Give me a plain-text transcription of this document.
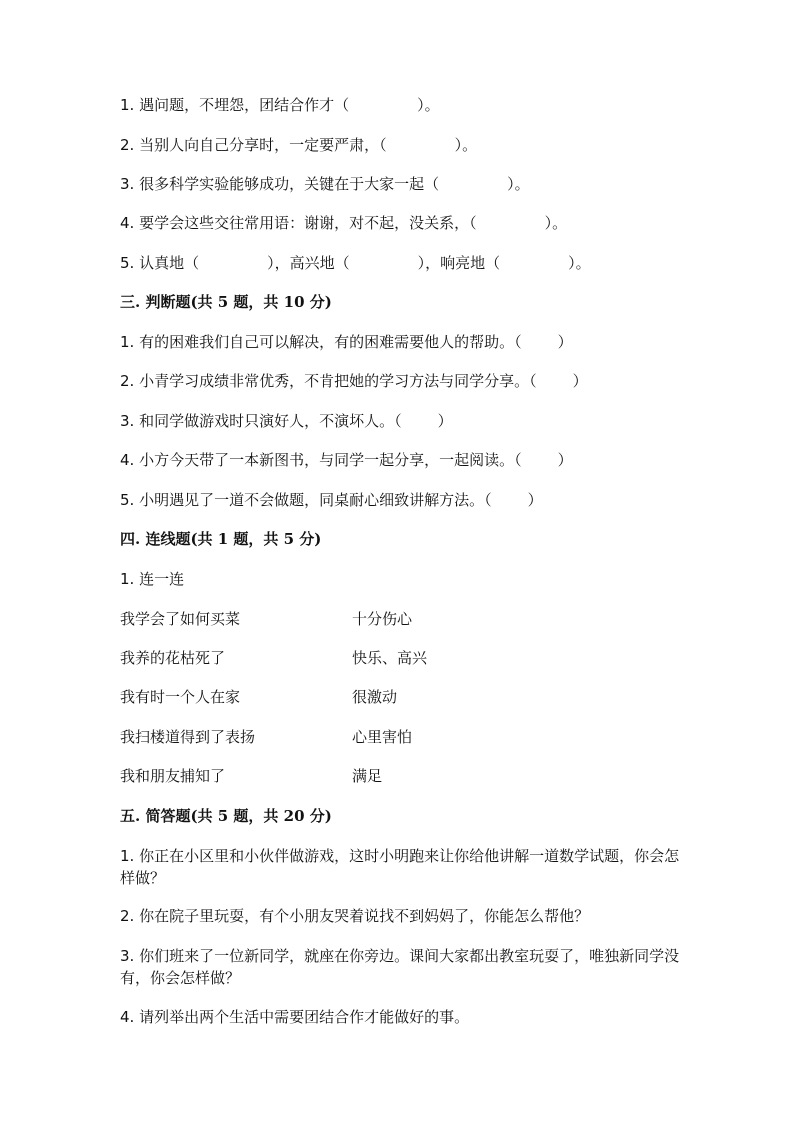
1. 遇问题，不埋怨，团结合作才（	）。
2. 当别人向自己分享时，一定要严肃，（	）。
3. 很多科学实验能够成功，关键在于大家一起（	）。
4. 要学会这些交往常用语：谢谢，对不起，没关系，（	）。
5. 认真地（	），高兴地（	），响亮地（	）。
三. 判断题(共 5 题，共 10 分)
1. 有的困难我们自己可以解决，有的困难需要他人的帮助。（ ）
2. 小青学习成绩非常优秀，不肯把她的学习方法与同学分享。（ ）
3. 和同学做游戏时只演好人，不演坏人。（ ）
4. 小方今天带了一本新图书，与同学一起分享，一起阅读。（ ）
5. 小明遇见了一道不会做题，同桌耐心细致讲解方法。（ ）
四. 连线题(共 1 题，共 5 分)
1. 连一连
我学会了如何买菜	十分伤心
我养的花枯死了	快乐、高兴
我有时一个人在家	很激动
我扫楼道得到了表扬	心里害怕
我和朋友捕知了	满足
五. 简答题(共 5 题，共 20 分)
1. 你正在小区里和小伙伴做游戏，这时小明跑来让你给他讲解一道数学试题，你会怎样做？
2. 你在院子里玩耍，有个小朋友哭着说找不到妈妈了，你能怎么帮他？
3. 你们班来了一位新同学，就座在你旁边。课间大家都出教室玩耍了，唯独新同学没有，你会怎样做？
4. 请列举出两个生活中需要团结合作才能做好的事。
